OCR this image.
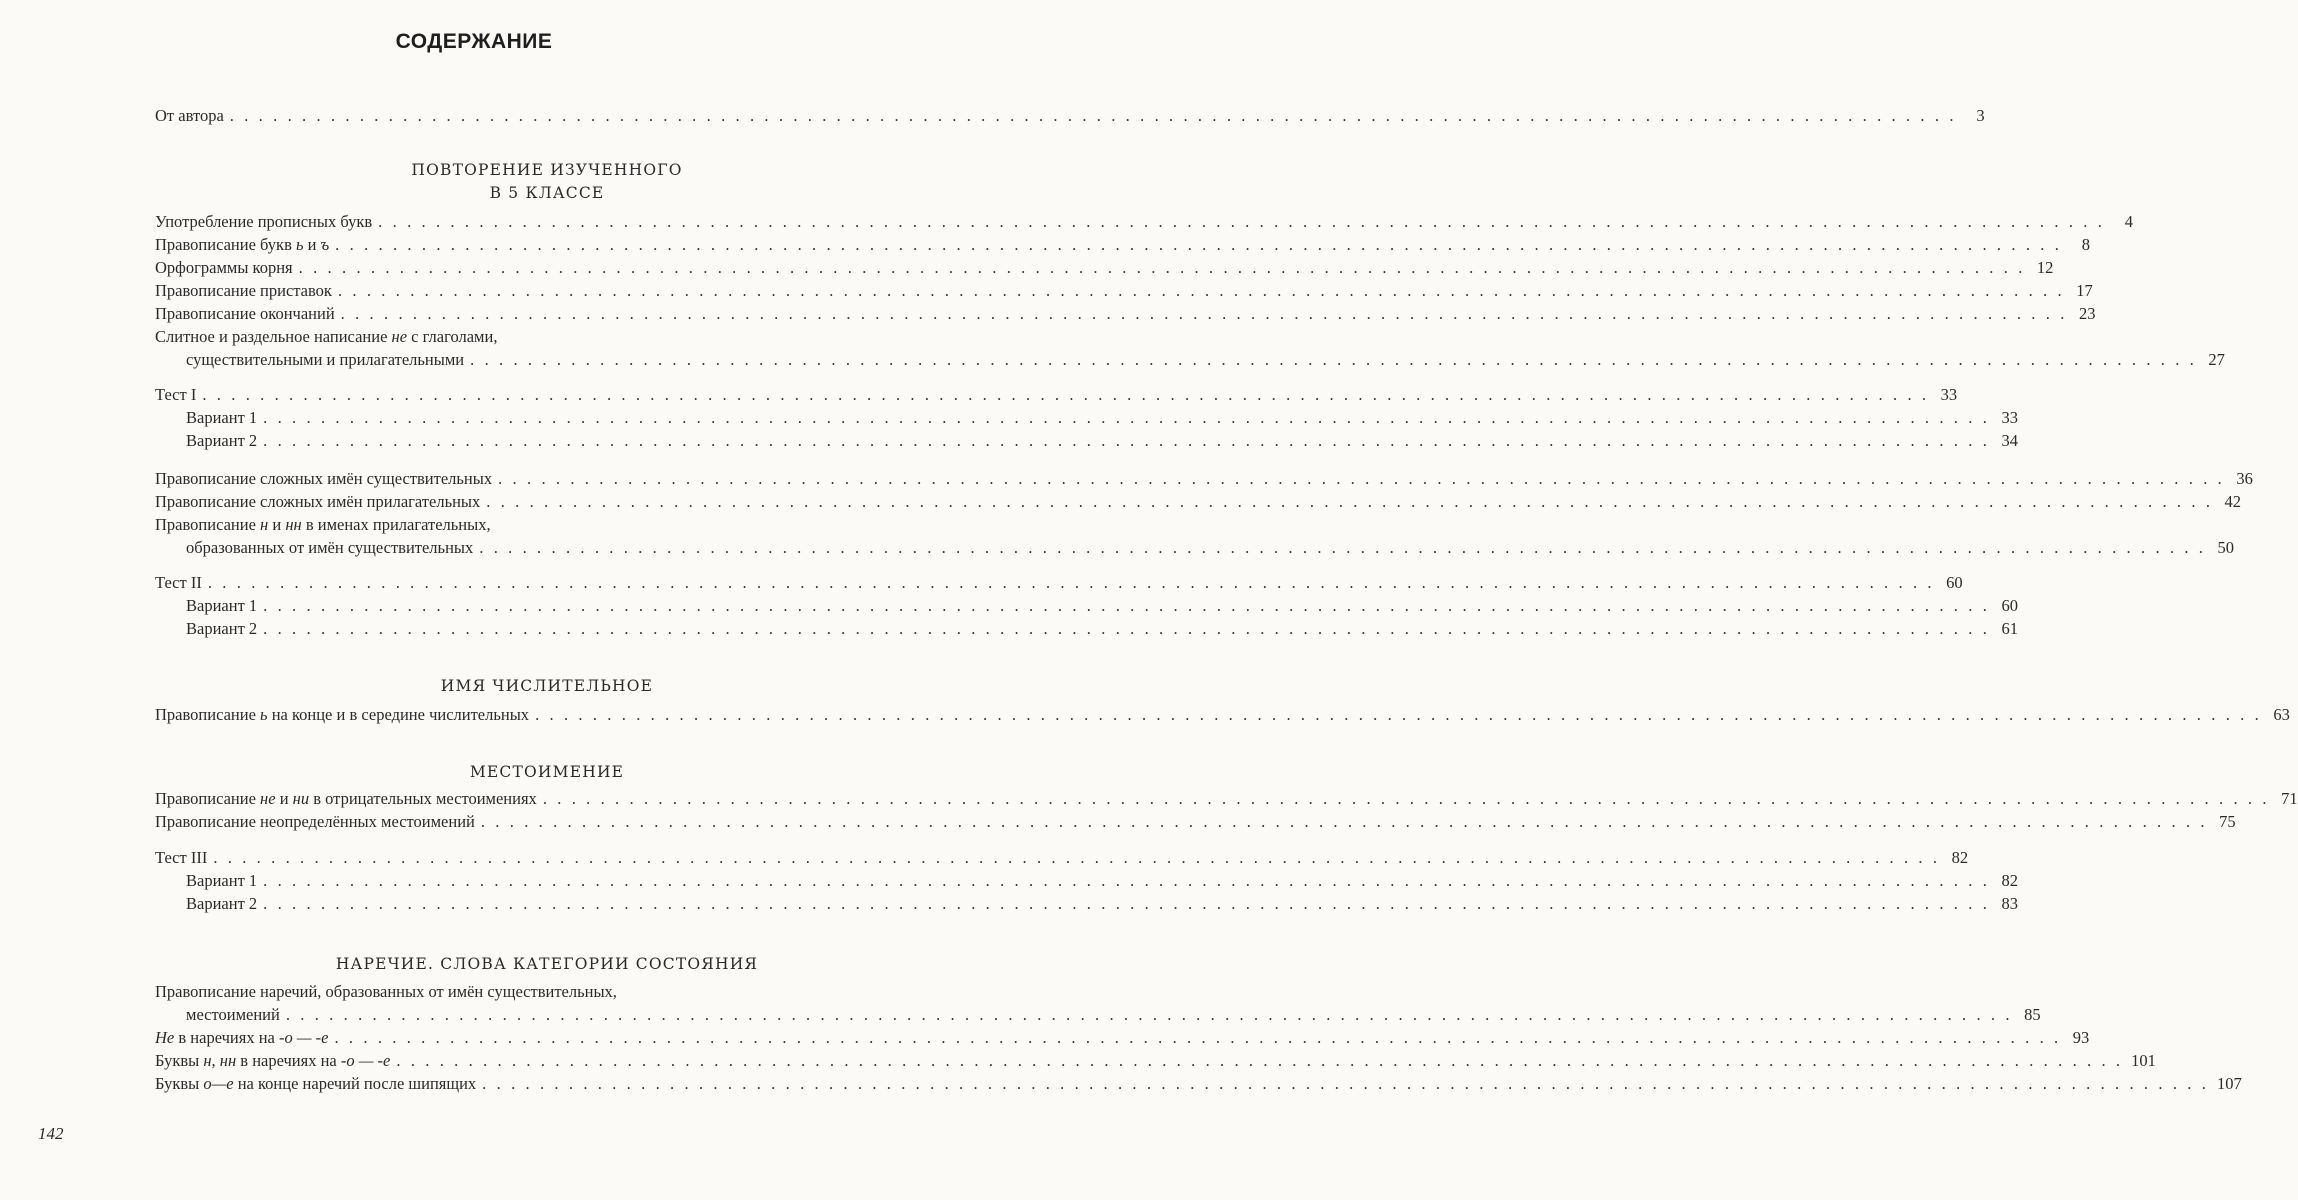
СОДЕРЖАНИЕ
От автора . . . . . . . . . . . . . . . . . . . . . . . . . . . . . . . . . . . . . . . . . . . . . . . . . . . . . . . . . . . . . . . . . . . . . . . . . . . . . . . . . . . . . . . . . . . . . . . . . . . . . . . . . . . . . . . . . . . . . . . .	3
ПОВТОРЕНИЕ ИЗУЧЕННОГО
В 5 КЛАССЕ
Употребление прописных букв . . . . . . . . . . . . . . . . . . . . . . . . . . . . . . . . . . . . . . . . . . . . . . . . . . . . . . . . . . . . . . . . . . . . . . . . . . . . . . . . . . . . . . . . . . . . . . . . . . . . . . . . . . . . . . . . . . . . . . . .	4
Правописание букв ь и ъ . . . . . . . . . . . . . . . . . . . . . . . . . . . . . . . . . . . . . . . . . . . . . . . . . . . . . . . . . . . . . . . . . . . . . . . . . . . . . . . . . . . . . . . . . . . . . . . . . . . . . . . . . . . . . . . . . . . . . . . .	8
Орфограммы корня . . . . . . . . . . . . . . . . . . . . . . . . . . . . . . . . . . . . . . . . . . . . . . . . . . . . . . . . . . . . . . . . . . . . . . . . . . . . . . . . . . . . . . . . . . . . . . . . . . . . . . . . . . . . . . . . . . . . . . . . 12
Правописание приставок . . . . . . . . . . . . . . . . . . . . . . . . . . . . . . . . . . . . . . . . . . . . . . . . . . . . . . . . . . . . . . . . . . . . . . . . . . . . . . . . . . . . . . . . . . . . . . . . . . . . . . . . . . . . . . . . . . . . . . . . 17
Правописание окончаний . . . . . . . . . . . . . . . . . . . . . . . . . . . . . . . . . . . . . . . . . . . . . . . . . . . . . . . . . . . . . . . . . . . . . . . . . . . . . . . . . . . . . . . . . . . . . . . . . . . . . . . . . . . . . . . . . . . . . . . . 23
Слитное и раздельное написание не с глаголами,
существительными и прилагательными . . . . . . . . . . . . . . . . . . . . . . . . . . . . . . . . . . . . . . . . . . . . . . . . . . . . . . . . . . . . . . . . . . . . . . . . . . . . . . . . . . . . . . . . . . . . . . . . . . . . . . . . . . . . . . . . . . . . . . . . 27
Тест I . . . . . . . . . . . . . . . . . . . . . . . . . . . . . . . . . . . . . . . . . . . . . . . . . . . . . . . . . . . . . . . . . . . . . . . . . . . . . . . . . . . . . . . . . . . . . . . . . . . . . . . . . . . . . . . . . . . . . . . . 33
Вариант 1 . . . . . . . . . . . . . . . . . . . . . . . . . . . . . . . . . . . . . . . . . . . . . . . . . . . . . . . . . . . . . . . . . . . . . . . . . . . . . . . . . . . . . . . . . . . . . . . . . . . . . . . . . . . . . . . . . . . . . . . . 33
Вариант 2 . . . . . . . . . . . . . . . . . . . . . . . . . . . . . . . . . . . . . . . . . . . . . . . . . . . . . . . . . . . . . . . . . . . . . . . . . . . . . . . . . . . . . . . . . . . . . . . . . . . . . . . . . . . . . . . . . . . . . . . . 34
Правописание сложных имён существительных . . . . . . . . . . . . . . . . . . . . . . . . . . . . . . . . . . . . . . . . . . . . . . . . . . . . . . . . . . . . . . . . . . . . . . . . . . . . . . . . . . . . . . . . . . . . . . . . . . . . . . . . . . . . . . . . . . . . . . . . 36
Правописание сложных имён прилагательных . . . . . . . . . . . . . . . . . . . . . . . . . . . . . . . . . . . . . . . . . . . . . . . . . . . . . . . . . . . . . . . . . . . . . . . . . . . . . . . . . . . . . . . . . . . . . . . . . . . . . . . . . . . . . . . . . . . . . . . . 42
Правописание н и нн в именах прилагательных,
образованных от имён существительных . . . . . . . . . . . . . . . . . . . . . . . . . . . . . . . . . . . . . . . . . . . . . . . . . . . . . . . . . . . . . . . . . . . . . . . . . . . . . . . . . . . . . . . . . . . . . . . . . . . . . . . . . . . . . . . . . . . . . . . . 50
Тест II . . . . . . . . . . . . . . . . . . . . . . . . . . . . . . . . . . . . . . . . . . . . . . . . . . . . . . . . . . . . . . . . . . . . . . . . . . . . . . . . . . . . . . . . . . . . . . . . . . . . . . . . . . . . . . . . . . . . . . . . 60
Вариант 1 . . . . . . . . . . . . . . . . . . . . . . . . . . . . . . . . . . . . . . . . . . . . . . . . . . . . . . . . . . . . . . . . . . . . . . . . . . . . . . . . . . . . . . . . . . . . . . . . . . . . . . . . . . . . . . . . . . . . . . . . 60
Вариант 2 . . . . . . . . . . . . . . . . . . . . . . . . . . . . . . . . . . . . . . . . . . . . . . . . . . . . . . . . . . . . . . . . . . . . . . . . . . . . . . . . . . . . . . . . . . . . . . . . . . . . . . . . . . . . . . . . . . . . . . . . 61
ИМЯ ЧИСЛИТЕЛЬНОЕ
Правописание ь на конце и в середине числительных . . . . . . . . . . . . . . . . . . . . . . . . . . . . . . . . . . . . . . . . . . . . . . . . . . . . . . . . . . . . . . . . . . . . . . . . . . . . . . . . . . . . . . . . . . . . . . . . . . . . . . . . . . . . . . . . . . . . . . . . 63
МЕСТОИМЕНИЕ
Правописание не и ни в отрицательных местоимениях . . . . . . . . . . . . . . . . . . . . . . . . . . . . . . . . . . . . . . . . . . . . . . . . . . . . . . . . . . . . . . . . . . . . . . . . . . . . . . . . . . . . . . . . . . . . . . . . . . . . . . . . . . . . . . . . . . . . . . . . 71
Правописание неопределённых местоимений . . . . . . . . . . . . . . . . . . . . . . . . . . . . . . . . . . . . . . . . . . . . . . . . . . . . . . . . . . . . . . . . . . . . . . . . . . . . . . . . . . . . . . . . . . . . . . . . . . . . . . . . . . . . . . . . . . . . . . . . 75
Тест III . . . . . . . . . . . . . . . . . . . . . . . . . . . . . . . . . . . . . . . . . . . . . . . . . . . . . . . . . . . . . . . . . . . . . . . . . . . . . . . . . . . . . . . . . . . . . . . . . . . . . . . . . . . . . . . . . . . . . . . . 82
Вариант 1 . . . . . . . . . . . . . . . . . . . . . . . . . . . . . . . . . . . . . . . . . . . . . . . . . . . . . . . . . . . . . . . . . . . . . . . . . . . . . . . . . . . . . . . . . . . . . . . . . . . . . . . . . . . . . . . . . . . . . . . . 82
Вариант 2 . . . . . . . . . . . . . . . . . . . . . . . . . . . . . . . . . . . . . . . . . . . . . . . . . . . . . . . . . . . . . . . . . . . . . . . . . . . . . . . . . . . . . . . . . . . . . . . . . . . . . . . . . . . . . . . . . . . . . . . . 83
НАРЕЧИЕ. СЛОВА КАТЕГОРИИ СОСТОЯНИЯ
Правописание наречий, образованных от имён существительных,
местоимений . . . . . . . . . . . . . . . . . . . . . . . . . . . . . . . . . . . . . . . . . . . . . . . . . . . . . . . . . . . . . . . . . . . . . . . . . . . . . . . . . . . . . . . . . . . . . . . . . . . . . . . . . . . . . . . . . . . . . . . . 85
Не в наречиях на -о — -е . . . . . . . . . . . . . . . . . . . . . . . . . . . . . . . . . . . . . . . . . . . . . . . . . . . . . . . . . . . . . . . . . . . . . . . . . . . . . . . . . . . . . . . . . . . . . . . . . . . . . . . . . . . . . . . . . . . . . . . . 93
Буквы н, нн в наречиях на -о — -е . . . . . . . . . . . . . . . . . . . . . . . . . . . . . . . . . . . . . . . . . . . . . . . . . . . . . . . . . . . . . . . . . . . . . . . . . . . . . . . . . . . . . . . . . . . . . . . . . . . . . . . . . . . . . . . . . . . . . . . . 101
Буквы о—е на конце наречий после шипящих . . . . . . . . . . . . . . . . . . . . . . . . . . . . . . . . . . . . . . . . . . . . . . . . . . . . . . . . . . . . . . . . . . . . . . . . . . . . . . . . . . . . . . . . . . . . . . . . . . . . . . . . . . . . . . . . . . . . . . . . 107
142
